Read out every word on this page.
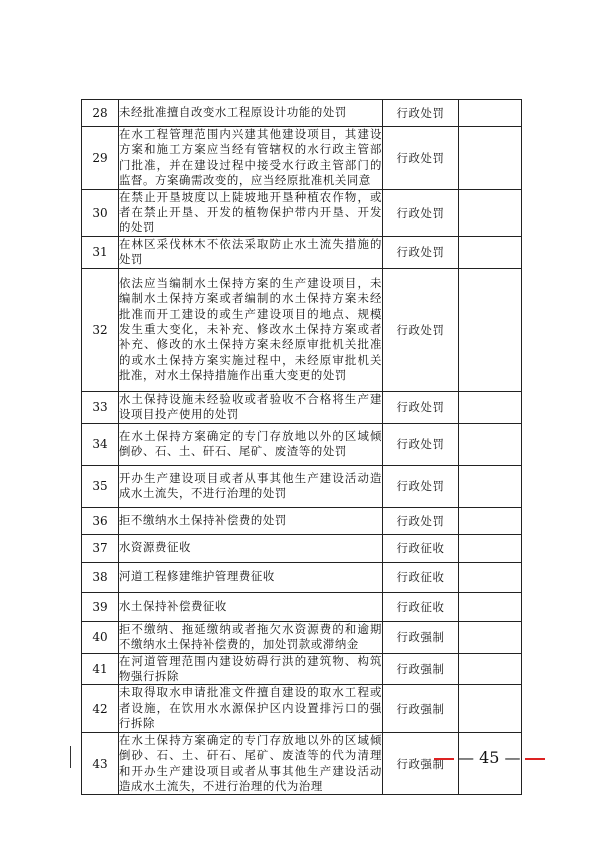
28	未经批准擅自改变水工程原设计功能的处罚	行政处罚	
29	在水工程管理范围内兴建其他建设项目，其建设方案和施工方案应当经有管辖权的水行政主管部门批准，并在建设过程中接受水行政主管部门的监督。方案确需改变的，应当经原批准机关同意	行政处罚	
30	在禁止开垦坡度以上陡坡地开垦种植农作物，或者在禁止开垦、开发的植物保护带内开垦、开发的处罚	行政处罚	
31	在林区采伐林木不依法采取防止水土流失措施的处罚	行政处罚	
32	依法应当编制水土保持方案的生产建设项目，未编制水土保持方案或者编制的水土保持方案未经批准而开工建设的或生产建设项目的地点、规模发生重大变化，未补充、修改水土保持方案或者补充、修改的水土保持方案未经原审批机关批准的或水土保持方案实施过程中，未经原审批机关批准，对水土保持措施作出重大变更的处罚	行政处罚	
33	水土保持设施未经验收或者验收不合格将生产建设项目投产使用的处罚	行政处罚	
34	在水土保持方案确定的专门存放地以外的区域倾倒砂、石、土、矸石、尾矿、废渣等的处罚	行政处罚	
35	开办生产建设项目或者从事其他生产建设活动造成水土流失，不进行治理的处罚	行政处罚	
36	拒不缴纳水土保持补偿费的处罚	行政处罚	
37	水资源费征收	行政征收	
38	河道工程修建维护管理费征收	行政征收	
39	水土保持补偿费征收	行政征收	
40	拒不缴纳、拖延缴纳或者拖欠水资源费的和逾期不缴纳水土保持补偿费的，加处罚款或滞纳金	行政强制	
41	在河道管理范围内建设妨碍行洪的建筑物、构筑物强行拆除	行政强制	
42	未取得取水申请批准文件擅自建设的取水工程或者设施，在饮用水水源保护区内设置排污口的强行拆除	行政强制	
43	在水土保持方案确定的专门存放地以外的区域倾倒砂、石、土、矸石、尾矿、废渣等的代为清理和开办生产建设项目或者从事其他生产建设活动造成水土流失，不进行治理的代为治理	行政强制	— 45 —
